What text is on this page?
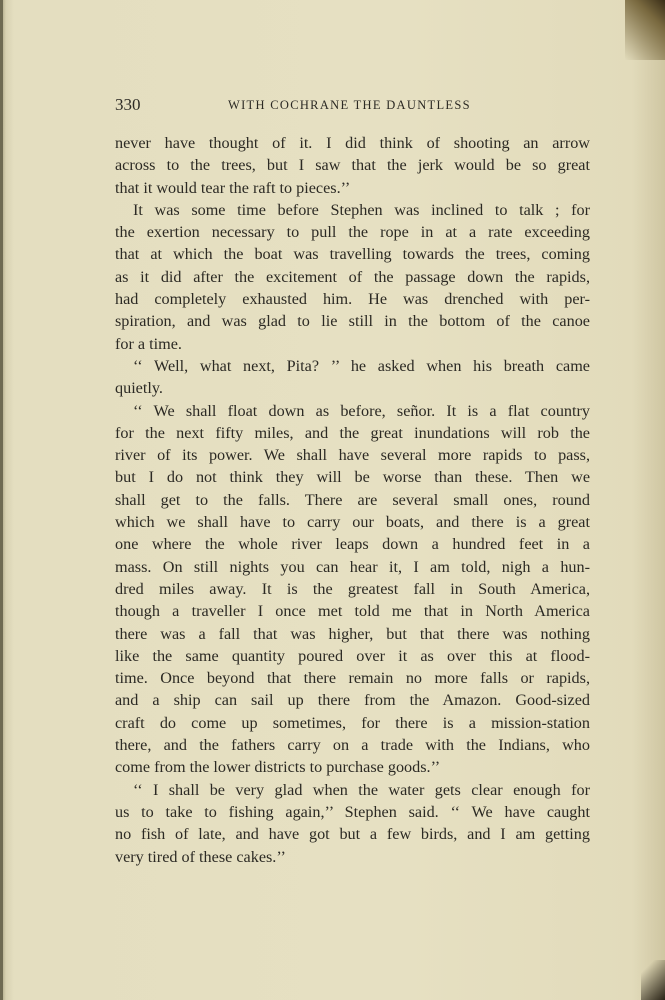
330	WITH COCHRANE THE DAUNTLESS
never have thought of it. I did think of shooting an arrow
across to the trees, but I saw that the jerk would be so great
that it would tear the raft to pieces.’’
It was some time before Stephen was inclined to talk ; for
the exertion necessary to pull the rope in at a rate exceeding
that at which the boat was travelling towards the trees, coming
as it did after the excitement of the passage down the rapids,
had completely exhausted him. He was drenched with per-
spiration, and was glad to lie still in the bottom of the canoe
for a time.
‘‘ Well, what next, Pita? ’’ he asked when his breath came
quietly.
‘‘ We shall float down as before, señor. It is a flat country
for the next fifty miles, and the great inundations will rob the
river of its power. We shall have several more rapids to pass,
but I do not think they will be worse than these. Then we
shall get to the falls. There are several small ones, round
which we shall have to carry our boats, and there is a great
one where the whole river leaps down a hundred feet in a
mass. On still nights you can hear it, I am told, nigh a hun-
dred miles away. It is the greatest fall in South America,
though a traveller I once met told me that in North America
there was a fall that was higher, but that there was nothing
like the same quantity poured over it as over this at flood-
time. Once beyond that there remain no more falls or rapids,
and a ship can sail up there from the Amazon. Good-sized
craft do come up sometimes, for there is a mission-station
there, and the fathers carry on a trade with the Indians, who
come from the lower districts to purchase goods.’’
‘‘ I shall be very glad when the water gets clear enough for
us to take to fishing again,’’ Stephen said. ‘‘ We have caught
no fish of late, and have got but a few birds, and I am getting
very tired of these cakes.’’
